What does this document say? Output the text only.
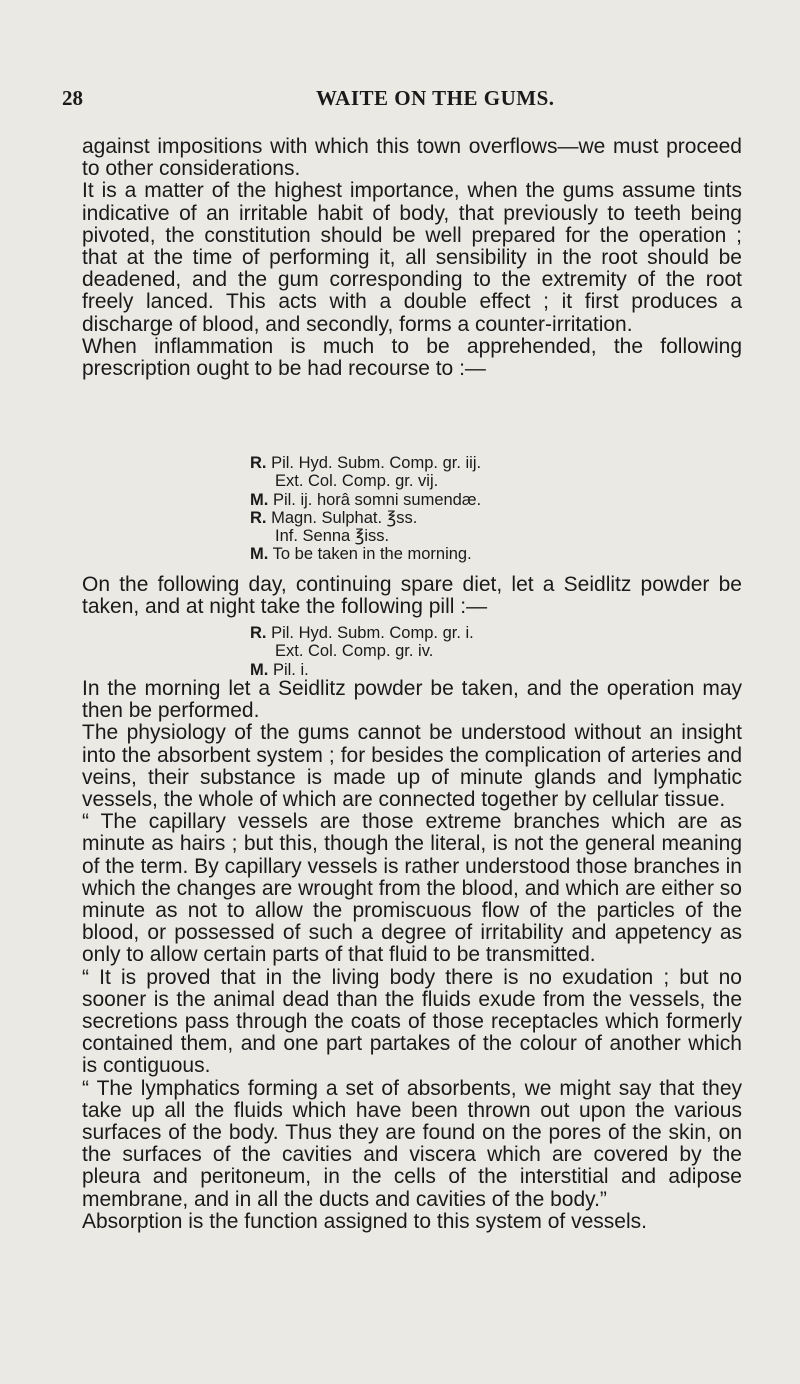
28	WAITE ON THE GUMS.

against impositions with which this town overflows—we must proceed to other considerations.

It is a matter of the highest importance, when the gums assume tints indicative of an irritable habit of body, that previously to teeth being pivoted, the constitution should be well prepared for the operation ; that at the time of performing it, all sensibility in the root should be deadened, and the gum corresponding to the extremity of the root freely lanced. This acts with a double effect ; it first produces a discharge of blood, and secondly, forms a counter-irritation.

When inflammation is much to be apprehended, the following prescription ought to be had recourse to :—

R. Pil. Hyd. Subm. Comp. gr. iij.
Ext. Col. Comp. gr. vij.
M. Pil. ij. horâ somni sumendæ.
R. Magn. Sulphat. ℥ss.
Inf. Senna ℥iss.
M. To be taken in the morning.

On the following day, continuing spare diet, let a Seidlitz powder be taken, and at night take the following pill :—

R. Pil. Hyd. Subm. Comp. gr. i.
Ext. Col. Comp. gr. iv.
M. Pil. i.

In the morning let a Seidlitz powder be taken, and the operation may then be performed.

The physiology of the gums cannot be understood without an insight into the absorbent system ; for besides the complication of arteries and veins, their substance is made up of minute glands and lymphatic vessels, the whole of which are connected together by cellular tissue.

“ The capillary vessels are those extreme branches which are as minute as hairs ; but this, though the literal, is not the general meaning of the term. By capillary vessels is rather understood those branches in which the changes are wrought from the blood, and which are either so minute as not to allow the promiscuous flow of the particles of the blood, or possessed of such a degree of irritability and appetency as only to allow certain parts of that fluid to be transmitted.

“ It is proved that in the living body there is no exudation ; but no sooner is the animal dead than the fluids exude from the vessels, the secretions pass through the coats of those receptacles which formerly contained them, and one part partakes of the colour of another which is contiguous.

“ The lymphatics forming a set of absorbents, we might say that they take up all the fluids which have been thrown out upon the various surfaces of the body. Thus they are found on the pores of the skin, on the surfaces of the cavities and viscera which are covered by the pleura and peritoneum, in the cells of the interstitial and adipose membrane, and in all the ducts and cavities of the body.”

Absorption is the function assigned to this system of vessels.
